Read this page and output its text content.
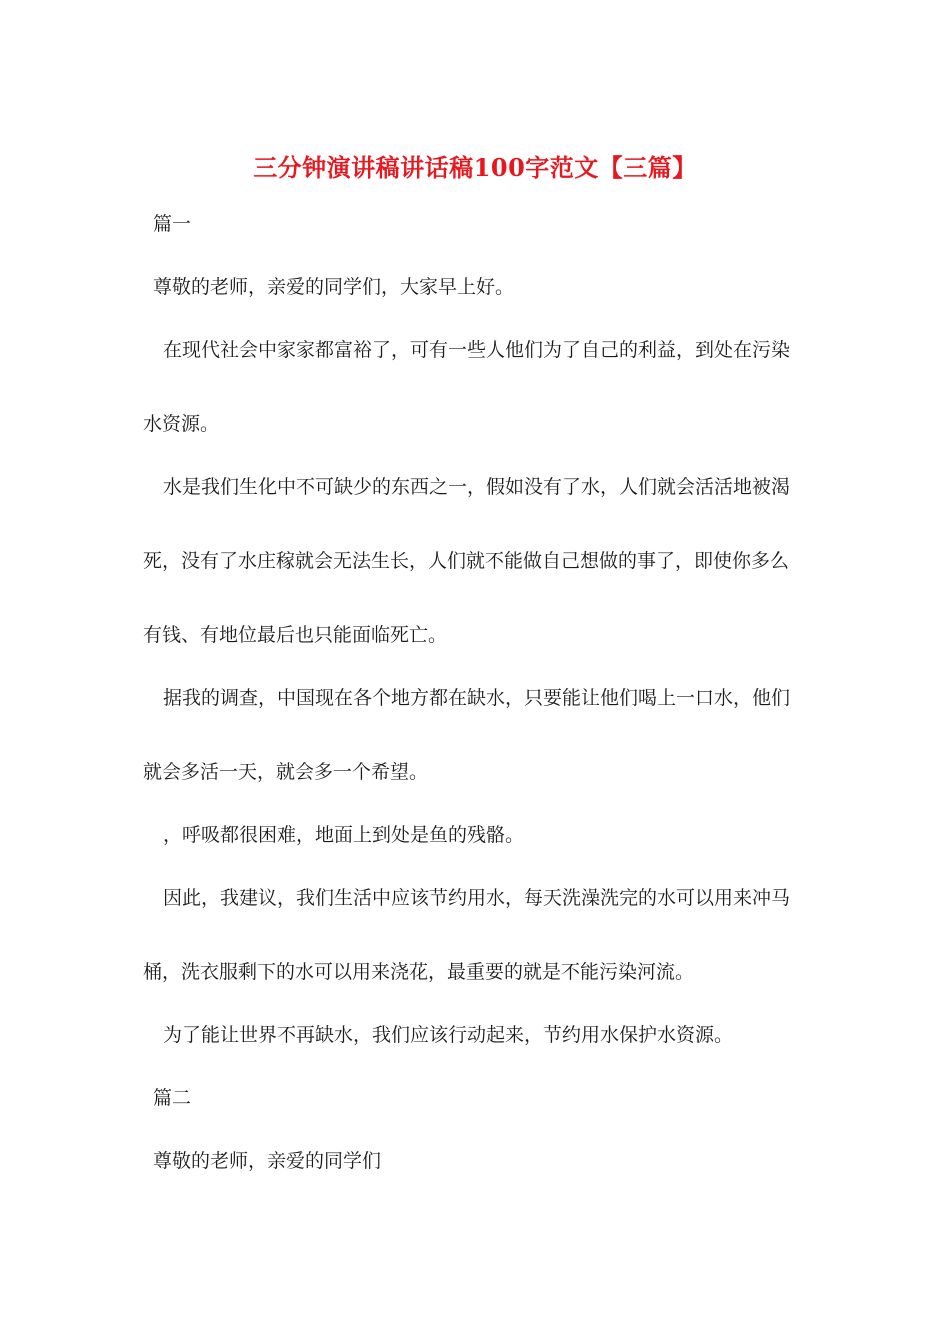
三分钟演讲稿讲话稿100字范文【三篇】
篇一
尊敬的老师，亲爱的同学们，大家早上好。
在现代社会中家家都富裕了，可有一些人他们为了自己的利益，到处在污染
水资源。
水是我们生化中不可缺少的东西之一，假如没有了水，人们就会活活地被渴
死，没有了水庄稼就会无法生长，人们就不能做自己想做的事了，即使你多么
有钱、有地位最后也只能面临死亡。
据我的调查，中国现在各个地方都在缺水，只要能让他们喝上一口水，他们
就会多活一天，就会多一个希望。
，呼吸都很困难，地面上到处是鱼的残骼。
因此，我建议，我们生活中应该节约用水，每天洗澡洗完的水可以用来冲马
桶，洗衣服剩下的水可以用来浇花，最重要的就是不能污染河流。
为了能让世界不再缺水，我们应该行动起来，节约用水保护水资源。
篇二
尊敬的老师，亲爱的同学们
